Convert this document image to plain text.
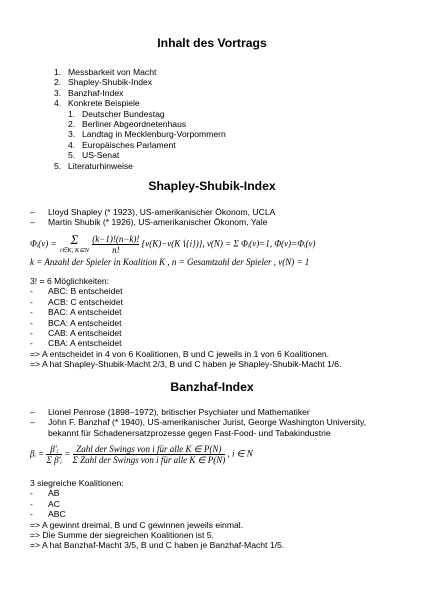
Inhalt des Vortrags
1. Messbarkeit von Macht
2. Shapley-Shubik-Index
3. Banzhaf-Index
4. Konkrete Beispiele
1. Deutscher Bundestag
2. Berliner Abgeordnetenhaus
3. Landtag in Mecklenburg-Vorpommern
4. Europäisches Parlament
5. US-Senat
5. Literaturhinweise
Shapley-Shubik-Index
– Lloyd Shapley (* 1923), US-amerikanischer Ökonom, UCLA
– Martin Shubik (* 1926), US-amerikanischer Ökonom, Yale
Φᵢ(v) =	Σ
i∈K, K⊆N
$\frac{(k-1)!(n-k)!}{n!}$ {v(K)−v(K∖{i})}, v(N) = Σ Φᵢ(v)=1, Φ(v)=Φᵢ(v)
k = Anzahl der Spieler in Koalition K , n = Gesamtzahl der Spieler , v(N) = 1
3! = 6 Möglichkeiten:
- ABC: B entscheidet
- ACB: C entscheidet
- BAC: A entscheidet
- BCA: A entscheidet
- CAB: A entscheidet
- CBA: A entscheidet
=> A entscheidet in 4 von 6 Koalitionen, B und C jeweils in 1 von 6 Koalitionen.
=> A hat Shapley-Shubik-Macht 2/3, B und C haben je Shapley-Shubik-Macht 1/6.
Banzhaf-Index
– Lionel Penrose (1898–1972), britischer Psychiater und Mathematiker
– John F. Banzhaf (* 1940), US-amerikanischer Jurist, George Washington University,
bekannt für Schadenersatzprozesse gegen Fast-Food- und Tabakindustrie
βᵢ = $\frac{\text{β'ᵢ}}{\text{Σ β'ᵢ}} = \frac{\text{Zahl der Swings von i für alle K ∈ P(N)}}{\text{Σ Zahl der Swings von i für alle K ∈ P(N)}}$ , i ∈ N
3 siegreiche Koalitionen:
- AB
- AC
- ABC
=> A gewinnt dreimal, B und C gewinnen jeweils einmal.
=> Die Summe der siegreichen Koalitionen ist 5.
=> A hat Banzhaf-Macht 3/5, B und C haben je Banzhaf-Macht 1/5.
